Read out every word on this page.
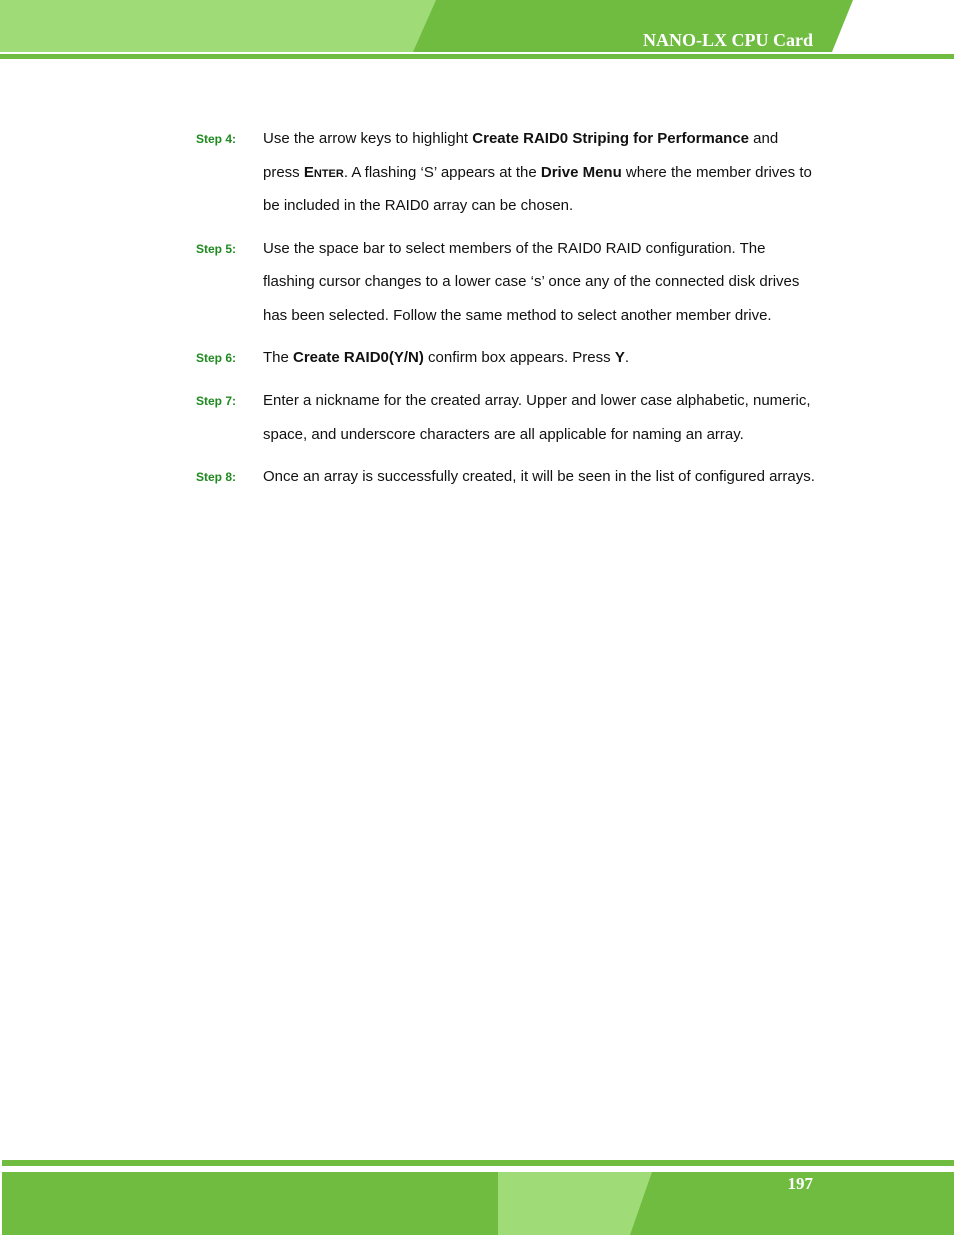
NANO-LX CPU Card
Step 4:	Use the arrow keys to highlight Create RAID0 Striping for Performance and press Enter. A flashing ‘S’ appears at the Drive Menu where the member drives to be included in the RAID0 array can be chosen.

Step 5:	Use the space bar to select members of the RAID0 RAID configuration. The flashing cursor changes to a lower case ‘s’ once any of the connected disk drives has been selected. Follow the same method to select another member drive.

Step 6:	The Create RAID0(Y/N) confirm box appears. Press Y.

Step 7:	Enter a nickname for the created array. Upper and lower case alphabetic, numeric, space, and underscore characters are all applicable for naming an array.

Step 8:	Once an array is successfully created, it will be seen in the list of configured arrays.

197
